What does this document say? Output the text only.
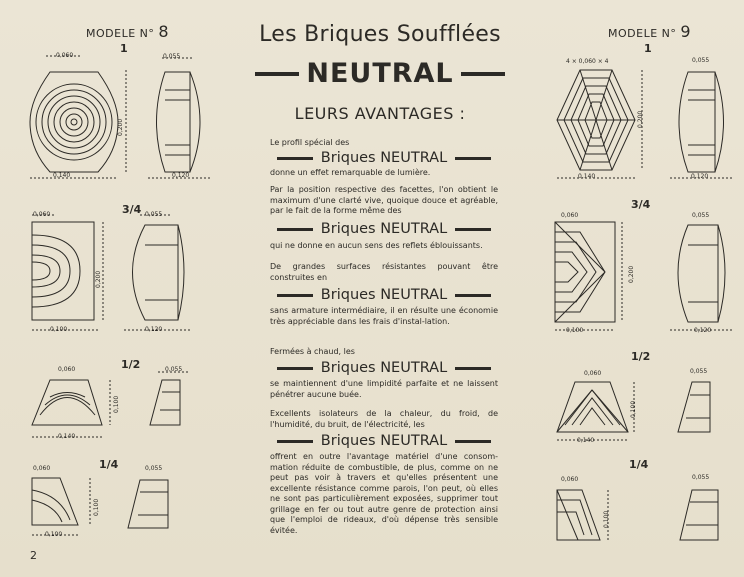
MODELE N° 8
1
3/4
1/2
1/4
0,060	0,055
0,200
0,140	0,120
0,060	0,055
0,200
0,100	0,120
0,060	0,055
0,100
0,140
0,060	0,055
0,100
0,100
2
Les Briques Soufflées
NEUTRAL
LEURS AVANTAGES :
Le profil spécial des
Briques NEUTRAL
donne un effet remarquable de lumière.
Par la position respective des facettes, l'on obtient le maximum d'une clarté vive, quoique douce et agréable, par le fait de la forme même des
Briques NEUTRAL
qui ne donne en aucun sens des reflets éblouissants.
De grandes surfaces résistantes pouvant être construites en
Briques NEUTRAL
sans armature intermédiaire, il en résulte une économie très appréciable dans les frais d'instal-lation.
Fermées à chaud, les
Briques NEUTRAL
se maintiennent d'une limpidité parfaite et ne laissent pénétrer aucune buée.
Excellents isolateurs de la chaleur, du froid, de l'humidité, du bruit, de l'électricité, les
Briques NEUTRAL
offrent en outre l'avantage matériel d'une consom-mation réduite de combustible, de plus, comme on ne peut pas voir à travers et qu'elles présentent une excellente résistance comme parois, l'on peut, où elles ne sont pas particulièrement exposées, supprimer tout grillage en fer ou tout autre genre de protection ainsi que l'emploi de rideaux, d'où dépense très sensible évitée.
MODELE N° 9
1
3/4
1/2
1/4
4 ⨯ 0,060 ⨯ 4	0,055
0,200
0,140	0,120
0,060	0,055
0,200
0,100	0,120
0,060	0,055
0,100
0,140
0,060	0,055
0,100
